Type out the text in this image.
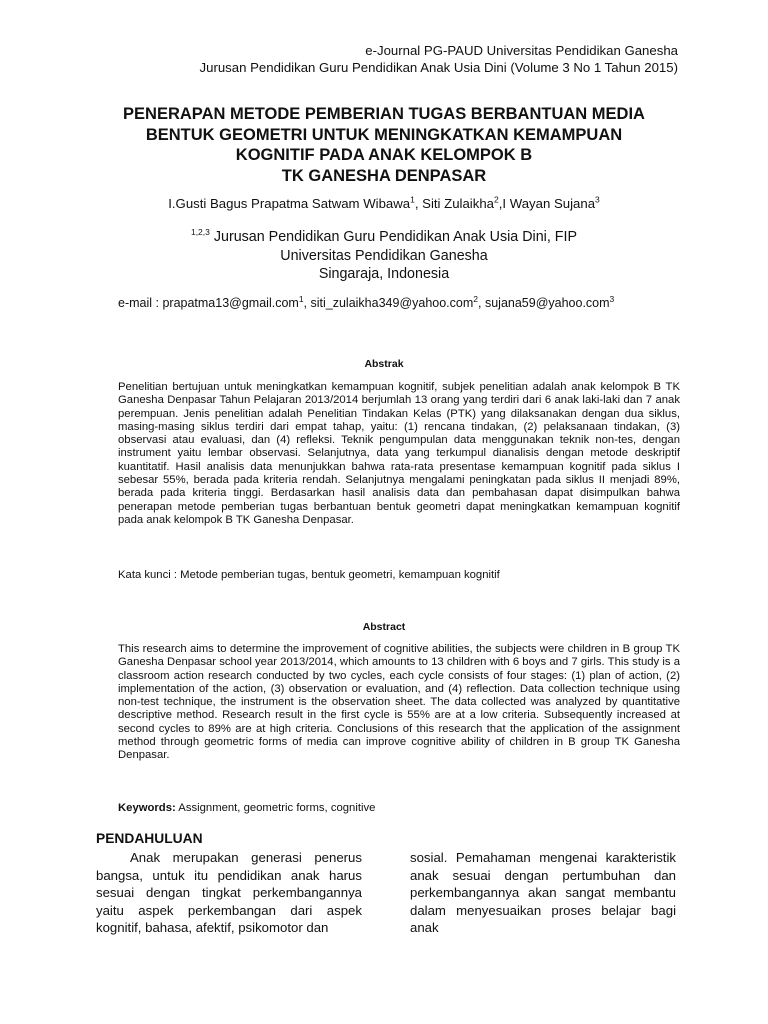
e-Journal PG-PAUD Universitas Pendidikan Ganesha
Jurusan Pendidikan Guru Pendidikan Anak Usia Dini (Volume 3 No 1 Tahun 2015)
PENERAPAN METODE PEMBERIAN TUGAS BERBANTUAN MEDIA
BENTUK GEOMETRI UNTUK MENINGKATKAN KEMAMPUAN
KOGNITIF PADA ANAK KELOMPOK B
TK GANESHA DENPASAR
I.Gusti Bagus Prapatma Satwam Wibawa$^1$, Siti Zulaikha$^2$,I Wayan Sujana$^3$
$^{1,2,3}$ Jurusan Pendidikan Guru Pendidikan Anak Usia Dini, FIP
Universitas Pendidikan Ganesha
Singaraja, Indonesia
e-mail : prapatma13@gmail.com$^1$, siti_zulaikha349@yahoo.com$^2$, sujana59@yahoo.com$^3$
Abstrak
Penelitian bertujuan untuk meningkatkan kemampuan kognitif, subjek penelitian adalah anak kelompok B TK Ganesha Denpasar Tahun Pelajaran 2013/2014 berjumlah 13 orang yang terdiri dari 6 anak laki-laki dan 7 anak perempuan. Jenis penelitian adalah Penelitian Tindakan Kelas (PTK) yang dilaksanakan dengan dua siklus, masing-masing siklus terdiri dari empat tahap, yaitu: (1) rencana tindakan, (2) pelaksanaan tindakan, (3) observasi atau evaluasi, dan (4) refleksi. Teknik pengumpulan data menggunakan teknik non-tes, dengan instrument yaitu lembar observasi. Selanjutnya, data yang terkumpul dianalisis dengan metode deskriptif kuantitatif. Hasil analisis data menunjukkan bahwa rata-rata presentase kemampuan kognitif pada siklus I sebesar 55%, berada pada kriteria rendah. Selanjutnya mengalami peningkatan pada siklus II menjadi 89%, berada pada kriteria tinggi. Berdasarkan hasil analisis data dan pembahasan dapat disimpulkan bahwa penerapan metode pemberian tugas berbantuan bentuk geometri dapat meningkatkan kemampuan kognitif pada anak kelompok B TK Ganesha Denpasar.
Kata kunci : Metode pemberian tugas, bentuk geometri, kemampuan kognitif
Abstract
This research aims to determine the improvement of cognitive abilities, the subjects were children in B group TK Ganesha Denpasar school year 2013/2014, which amounts to 13 children with 6 boys and 7 girls. This study is a classroom action research conducted by two cycles, each cycle consists of four stages: (1) plan of action, (2) implementation of the action, (3) observation or evaluation, and (4) reflection. Data collection technique using non-test technique, the instrument is the observation sheet. The data collected was analyzed by quantitative descriptive method. Research result in the first cycle is 55% are at a low criteria. Subsequently increased at second cycles to 89% are at high criteria. Conclusions of this research that the application of the assignment method through geometric forms of media can improve cognitive ability of children in B group TK Ganesha Denpasar.
Keywords: Assignment, geometric forms, cognitive
PENDAHULUAN
Anak merupakan generasi penerus bangsa, untuk itu pendidikan anak harus sesuai dengan tingkat perkembangannya yaitu aspek perkembangan dari aspek kognitif, bahasa, afektif, psikomotor dan
sosial. Pemahaman mengenai karakteristik anak sesuai dengan pertumbuhan dan perkembangannya akan sangat membantu dalam menyesuaikan proses belajar bagi anak
